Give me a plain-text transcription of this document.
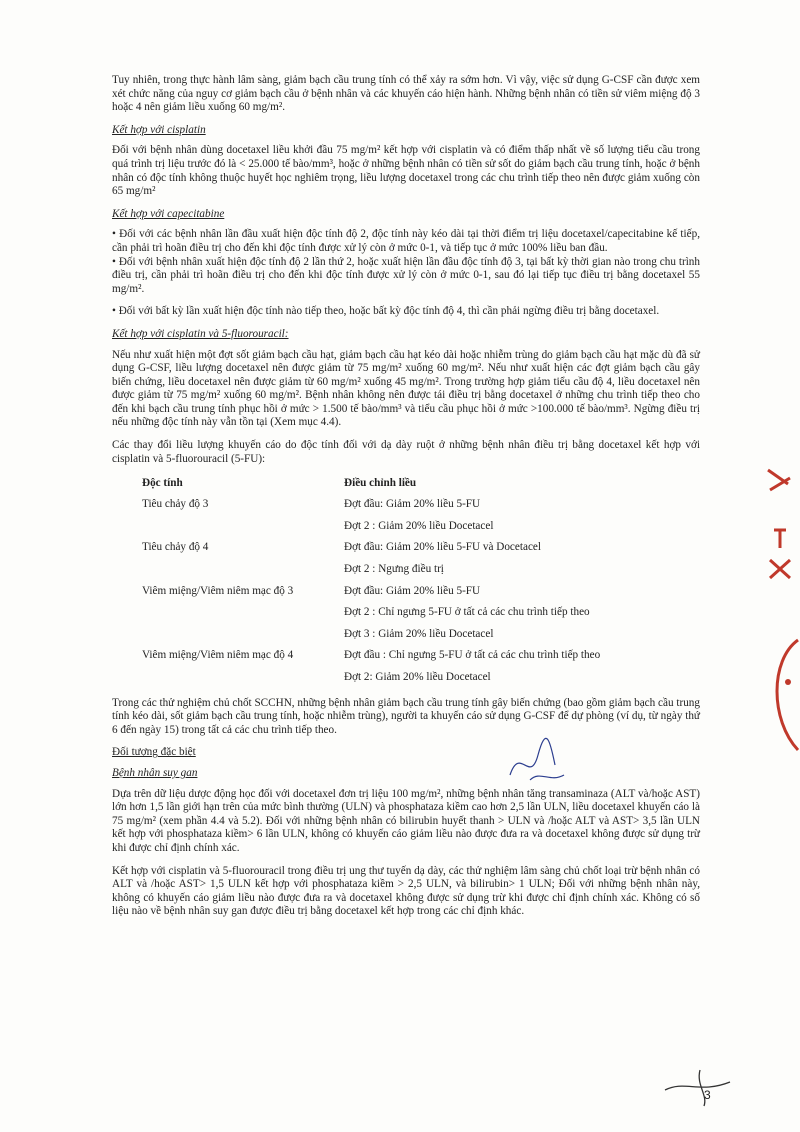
Tuy nhiên, trong thực hành lâm sàng, giảm bạch cầu trung tính có thể xảy ra sớm hơn. Vì vậy, việc sử dụng G-CSF cần được xem xét chức năng của nguy cơ giảm bạch cầu ở bệnh nhân và các khuyến cáo hiện hành. Những bệnh nhân có tiền sử viêm miệng độ 3 hoặc 4 nên giảm liều xuống 60 mg/m².

Kết hợp với cisplatin

Đối với bệnh nhân dùng docetaxel liều khởi đầu 75 mg/m² kết hợp với cisplatin và có điểm thấp nhất về số lượng tiểu cầu trong quá trình trị liệu trước đó là < 25.000 tế bào/mm³, hoặc ở những bệnh nhân có tiền sử sốt do giảm bạch cầu trung tính, hoặc ở bệnh nhân có độc tính không thuộc huyết học nghiêm trọng, liều lượng docetaxel trong các chu trình tiếp theo nên được giảm xuống còn 65 mg/m²

Kết hợp với capecitabine

• Đối với các bệnh nhân lần đầu xuất hiện độc tính độ 2, độc tính này kéo dài tại thời điểm trị liệu docetaxel/capecitabine kế tiếp, cần phải trì hoãn điều trị cho đến khi độc tính được xử lý còn ở mức 0-1, và tiếp tục ở mức 100% liều ban đầu.

• Đối với bệnh nhân xuất hiện độc tính độ 2 lần thứ 2, hoặc xuất hiện lần đầu độc tính độ 3, tại bất kỳ thời gian nào trong chu trình điều trị, cần phải trì hoãn điều trị cho đến khi độc tính được xử lý còn ở mức 0-1, sau đó lại tiếp tục điều trị bằng docetaxel 55 mg/m².

• Đối với bất kỳ lần xuất hiện độc tính nào tiếp theo, hoặc bất kỳ độc tính độ 4, thì cần phải ngừng điều trị bằng docetaxel.

Kết hợp với cisplatin và 5-fluorouracil:

Nếu như xuất hiện một đợt sốt giảm bạch cầu hạt, giảm bạch cầu hạt kéo dài hoặc nhiễm trùng do giảm bạch cầu hạt mặc dù đã sử dụng G-CSF, liều lượng docetaxel nên được giảm từ 75 mg/m² xuống 60 mg/m². Nếu như xuất hiện các đợt giảm bạch cầu gây biến chứng, liều docetaxel nên được giảm từ 60 mg/m² xuống 45 mg/m². Trong trường hợp giảm tiểu cầu độ 4, liều docetaxel nên được giảm từ 75 mg/m² xuống 60 mg/m². Bệnh nhân không nên được tái điều trị bằng docetaxel ở những chu trình tiếp theo cho đến khi bạch cầu trung tính phục hồi ở mức > 1.500 tế bào/mm³ và tiểu cầu phục hồi ở mức >100.000 tế bào/mm³. Ngừng điều trị nếu những độc tính này vẫn tồn tại (Xem mục 4.4).

Các thay đổi liều lượng khuyến cáo do độc tính đối với dạ dày ruột ở những bệnh nhân điều trị bằng docetaxel kết hợp với cisplatin và 5-fluorouracil (5-FU):

Độc tính	Điều chỉnh liều
Tiêu chảy độ 3	Đợt đầu: Giảm 20% liều 5-FU
	Đợt 2 : Giảm 20% liều Docetacel
Tiêu chảy độ 4	Đợt đầu: Giảm 20% liều 5-FU và Docetacel
	Đợt 2 : Ngưng điều trị
Viêm miệng/Viêm niêm mạc độ 3	Đợt đầu: Giảm 20% liều 5-FU
	Đợt 2 : Chỉ ngưng 5-FU ở tất cả các chu trình tiếp theo
	Đợt 3 : Giảm 20% liều Docetacel
Viêm miệng/Viêm niêm mạc độ 4	Đợt đầu : Chỉ ngưng 5-FU ở tất cả các chu trình tiếp theo
	Đợt 2: Giảm 20% liều Docetacel

Trong các thử nghiệm chủ chốt SCCHN, những bệnh nhân giảm bạch cầu trung tính gây biến chứng (bao gồm giảm bạch cầu trung tính kéo dài, sốt giảm bạch cầu trung tính, hoặc nhiễm trùng), người ta khuyến cáo sử dụng G-CSF để dự phòng (ví dụ, từ ngày thứ 6 đến ngày 15) trong tất cả các chu trình tiếp theo.

Đối tượng đặc biệt

Bệnh nhân suy gan

Dựa trên dữ liệu dược động học đối với docetaxel đơn trị liệu 100 mg/m², những bệnh nhân tăng transaminaza (ALT và/hoặc AST) lớn hơn 1,5 lần giới hạn trên của mức bình thường (ULN) và phosphataza kiềm cao hơn 2,5 lần ULN, liều docetaxel khuyến cáo là 75 mg/m² (xem phần 4.4 và 5.2). Đối với những bệnh nhân có bilirubin huyết thanh > ULN và /hoặc ALT và AST> 3,5 lần ULN kết hợp với phosphataza kiềm> 6 lần ULN, không có khuyến cáo giảm liều nào được đưa ra và docetaxel không được sử dụng trừ khi được chỉ định chính xác.

Kết hợp với cisplatin và 5-fluorouracil trong điều trị ung thư tuyến dạ dày, các thử nghiệm lâm sàng chủ chốt loại trừ bệnh nhân có ALT và /hoặc AST> 1,5 ULN kết hợp với phosphataza kiềm > 2,5 ULN, và bilirubin> 1 ULN; Đối với những bệnh nhân này, không có khuyến cáo giảm liều nào được đưa ra và docetaxel không được sử dụng trừ khi được chỉ định chính xác. Không có số liệu nào về bệnh nhân suy gan được điều trị bằng docetaxel kết hợp trong các chỉ định khác.

3
